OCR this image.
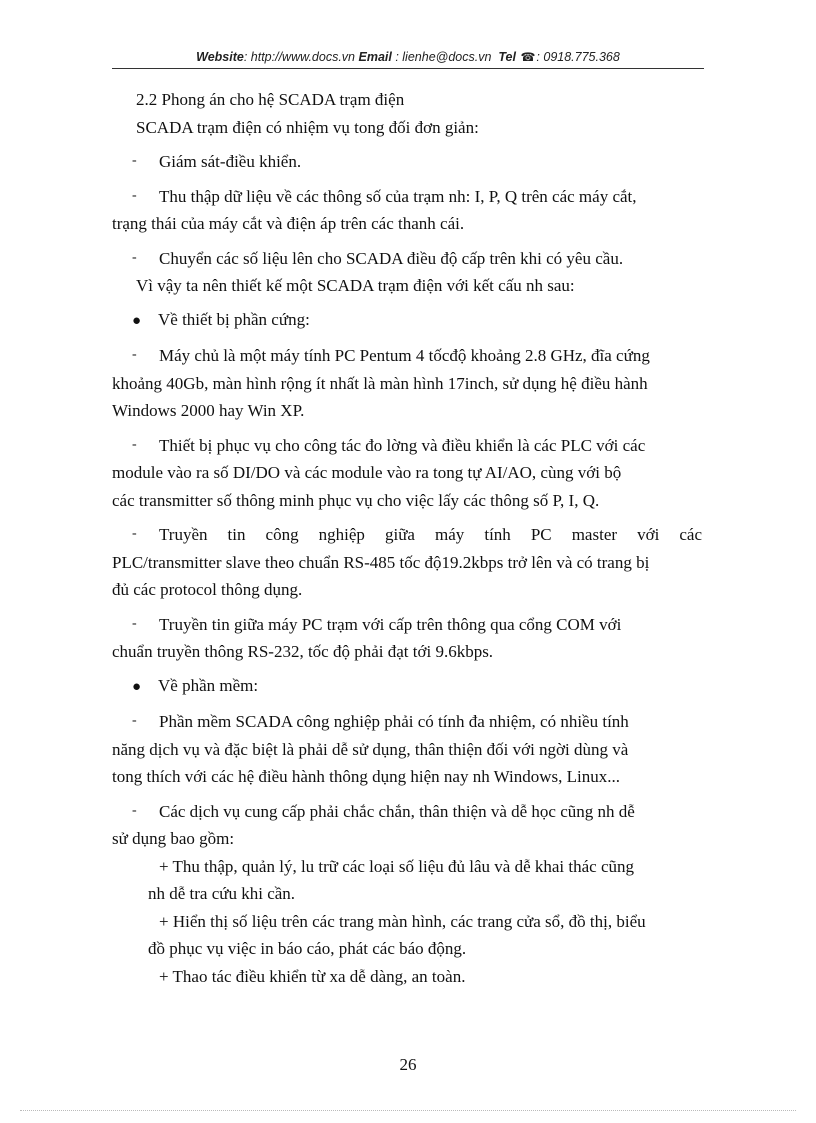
Website: http://www.docs.vn Email : lienhe@docs.vn Tel ☎: 0918.775.368

2.2 Phong án cho hệ SCADA trạm điện

SCADA trạm điện có nhiệm vụ tong đối đơn giản:

- Giám sát-điều khiển.

- Thu thập dữ liệu về các thông số của trạm nh: I, P, Q trên các máy cắt,

trạng thái của máy cắt và điện áp trên các thanh cái.

- Chuyển các số liệu lên cho SCADA điều độ cấp trên khi có yêu cầu.

Vì vậy ta nên thiết kế một SCADA trạm điện với kết cấu nh sau:

● Về thiết bị phần cứng:

- Máy chủ là một máy tính PC Pentum 4 tốcđộ khoảng 2.8 GHz, đĩa cứng

khoảng 40Gb, màn hình rộng ít nhất là màn hình 17inch, sử dụng hệ điều hành

Windows 2000 hay Win XP.

- Thiết bị phục vụ cho công tác đo lờng và điều khiển là các PLC với các

module vào ra số DI/DO và các module vào ra tong tự AI/AO, cùng với bộ

các transmitter số thông minh phục vụ cho việc lấy các thông số P, I, Q.

- Truyền tin công nghiệp giữa máy tính PC master với các

PLC/transmitter slave theo chuẩn RS-485 tốc độ19.2kbps trở lên và có trang bị

đủ các protocol thông dụng.

- Truyền tin giữa máy PC trạm với cấp trên thông qua cổng COM với

chuẩn truyền thông RS-232, tốc độ phải đạt tới 9.6kbps.

● Về phần mềm:

- Phần mềm SCADA công nghiệp phải có tính đa nhiệm, có nhiều tính

năng dịch vụ và đặc biệt là phải dễ sử dụng, thân thiện đối với ngời dùng và

tong thích với các hệ điều hành thông dụng hiện nay nh Windows, Linux...

- Các dịch vụ cung cấp phải chắc chắn, thân thiện và dễ học cũng nh dễ

sử dụng bao gồm:

+ Thu thập, quản lý, lu trữ các loại số liệu đủ lâu và dễ khai thác cũng

nh dễ tra cứu khi cần.

+ Hiển thị số liệu trên các trang màn hình, các trang cửa sổ, đồ thị, biểu

đồ phục vụ việc in báo cáo, phát các báo động.

+ Thao tác điều khiển từ xa dễ dàng, an toàn.

26
